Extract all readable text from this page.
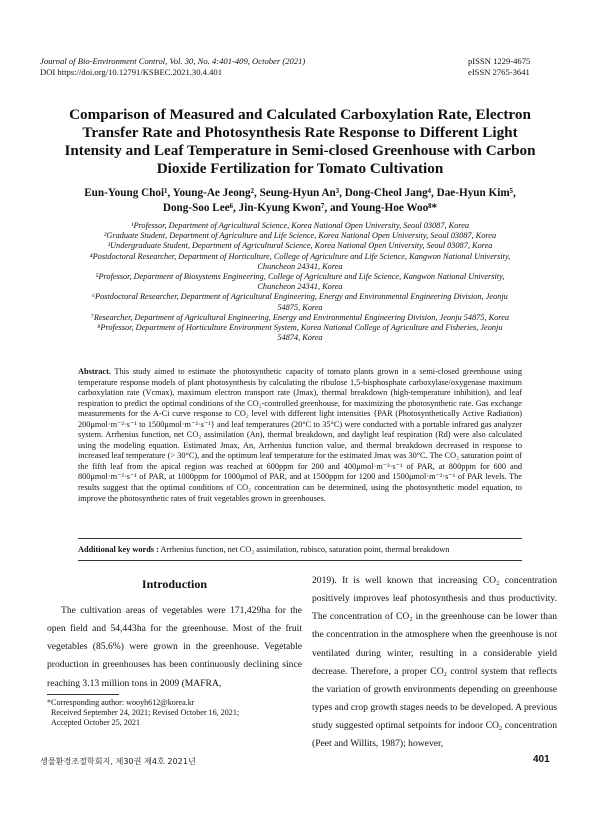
Journal of Bio-Environment Control, Vol. 30, No. 4:401-409, October (2021)
DOI https://doi.org/10.12791/KSBEC.2021.30.4.401
pISSN 1229-4675
eISSN 2765-3641
Comparison of Measured and Calculated Carboxylation Rate, Electron
Transfer Rate and Photosynthesis Rate Response to Different Light
Intensity and Leaf Temperature in Semi-closed Greenhouse with Carbon
Dioxide Fertilization for Tomato Cultivation
Eun-Young Choi¹, Young-Ae Jeong², Seung-Hyun An³, Dong-Cheol Jang⁴, Dae-Hyun Kim⁵,
Dong-Soo Lee⁶, Jin-Kyung Kwon⁷, and Young-Hoe Woo⁸*
¹Professor, Department of Agricultural Science, Korea National Open University, Seoul 03087, Korea
²Graduate Student, Department of Agriculture and Life Science, Korea National Open University, Seoul 03087, Korea
³Undergraduate Student, Department of Agricultural Science, Korea National Open University, Seoul 03087, Korea
⁴Postdoctoral Researcher, Department of Horticulture, College of Agriculture and Life Science, Kangwon National University,
Chuncheon 24341, Korea
⁵Professor, Department of Biosystems Engineering, College of Agriculture and Life Science, Kangwon National University,
Chuncheon 24341, Korea
⁶Postdoctoral Researcher, Department of Agricultural Engineering, Energy and Environmental Engineering Division, Jeonju
54875, Korea
⁷Researcher, Department of Agricultural Engineering, Energy and Environmental Engineering Division, Jeonju 54875, Korea
⁸Professor, Department of Horticulture Environment System, Korea National College of Agriculture and Fisheries, Jeonju
54874, Korea
Abstract. This study aimed to estimate the photosynthetic capacity of tomato plants grown in a semi-closed greenhouse using temperature response models of plant photosynthesis by calculating the ribulose 1,5-bisphosphate carboxylase/oxygenase maximum carboxylation rate (Vcmax), maximum electron transport rate (Jmax), thermal breakdown (high-temperature inhibition), and leaf respiration to predict the optimal conditions of the CO₂-controlled greenhouse, for maximizing the photosynthetic rate. Gas exchange measurements for the A-Ci curve response to CO₂ level with different light intensities {PAR (Photosynthetically Active Radiation) 200μmol·m⁻²·s⁻¹ to 1500μmol·m⁻²·s⁻¹} and leaf temperatures (20°C to 35°C) were conducted with a portable infrared gas analyzer system. Arrhenius function, net CO₂ assimilation (An), thermal breakdown, and daylight leaf respiration (Rd) were also calculated using the modeling equation. Estimated Jmax, An, Arrhenius function value, and thermal breakdown decreased in response to increased leaf temperature (> 30°C), and the optimum leaf temperature for the estimated Jmax was 30°C. The CO₂ saturation point of the fifth leaf from the apical region was reached at 600ppm for 200 and 400μmol·m⁻²·s⁻¹ of PAR, at 800ppm for 600 and 800μmol·m⁻²·s⁻¹ of PAR, at 1000ppm for 1000μmol of PAR, and at 1500ppm for 1200 and 1500μmol·m⁻²·s⁻¹ of PAR levels. The results suggest that the optimal conditions of CO₂ concentration can be determined, using the photosynthetic model equation, to improve the photosynthetic rates of fruit vegetables grown in greenhouses.
Additional key words : Arrhenius function, net CO₂ assimilation, rubisco, saturation point, thermal breakdown
Introduction
The cultivation areas of vegetables were 171,429ha for the open field and 54,443ha for the greenhouse. Most of the fruit vegetables (85.6%) were grown in the greenhouse. Vegetable production in greenhouses has been continuously declining since reaching 3.13 million tons in 2009 (MAFRA,
2019). It is well known that increasing CO₂ concentration positively improves leaf photosynthesis and thus productivity. The concentration of CO₂ in the greenhouse can be lower than the concentration in the atmosphere when the greenhouse is not ventilated during winter, resulting in a considerable yield decrease. Therefore, a proper CO₂ control system that reflects the variation of growth environments depending on greenhouse types and crop growth stages needs to be developed. A previous study suggested optimal setpoints for indoor CO₂ concentration (Peet and Willits, 1987); however,
*Corresponding author: wooyh612@korea.kr
Received September 24, 2021; Revised October 16, 2021;
Accepted October 25, 2021
생물환경조절학회지, 제30권 제4호 2021년	401
